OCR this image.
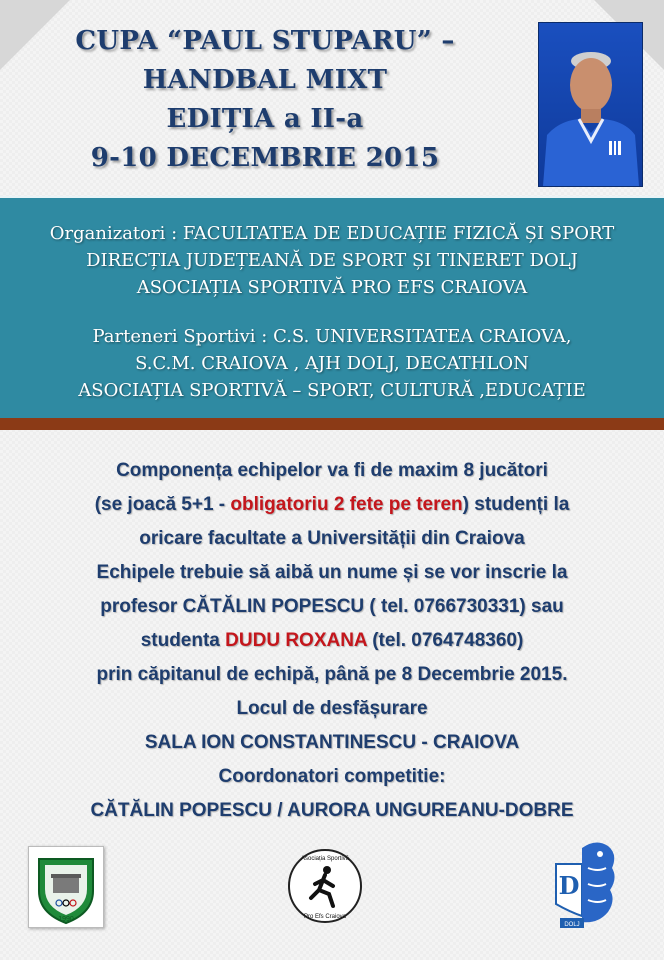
CUPA “PAUL STUPARU” –
HANDBAL MIXT
EDIȚIA a II-a
9-10 DECEMBRIE 2015
Organizatori : FACULTATEA DE EDUCAȚIE FIZICĂ ȘI SPORT
DIRECȚIA JUDEȚEANĂ DE SPORT ȘI TINERET DOLJ
ASOCIAȚIA SPORTIVĂ PRO EFS CRAIOVA
Parteneri Sportivi : C.S. UNIVERSITATEA CRAIOVA,
S.C.M. CRAIOVA , AJH DOLJ, DECATHLON
ASOCIAȚIA SPORTIVĂ – SPORT, CULTURĂ ,EDUCAȚIE
Componența echipelor va fi de maxim 8 jucători
(se joacă 5+1 - obligatoriu 2 fete pe teren) studenți la
oricare facultate a Universității din Craiova
Echipele trebuie să aibă un nume și se vor inscrie la
profesor CĂTĂLIN POPESCU ( tel. 0766730331) sau
studenta DUDU ROXANA (tel. 0764748360)
prin căpitanul de echipă, până pe 8 Decembrie 2015.
Locul de desfășurare
SALA ION CONSTANTINESCU - CRAIOVA
Coordonatori competitie:
CĂTĂLIN POPESCU / AURORA UNGUREANU-DOBRE
1990
Asociația Sportivă
Pro Efs Craiova
D
DOLJ
